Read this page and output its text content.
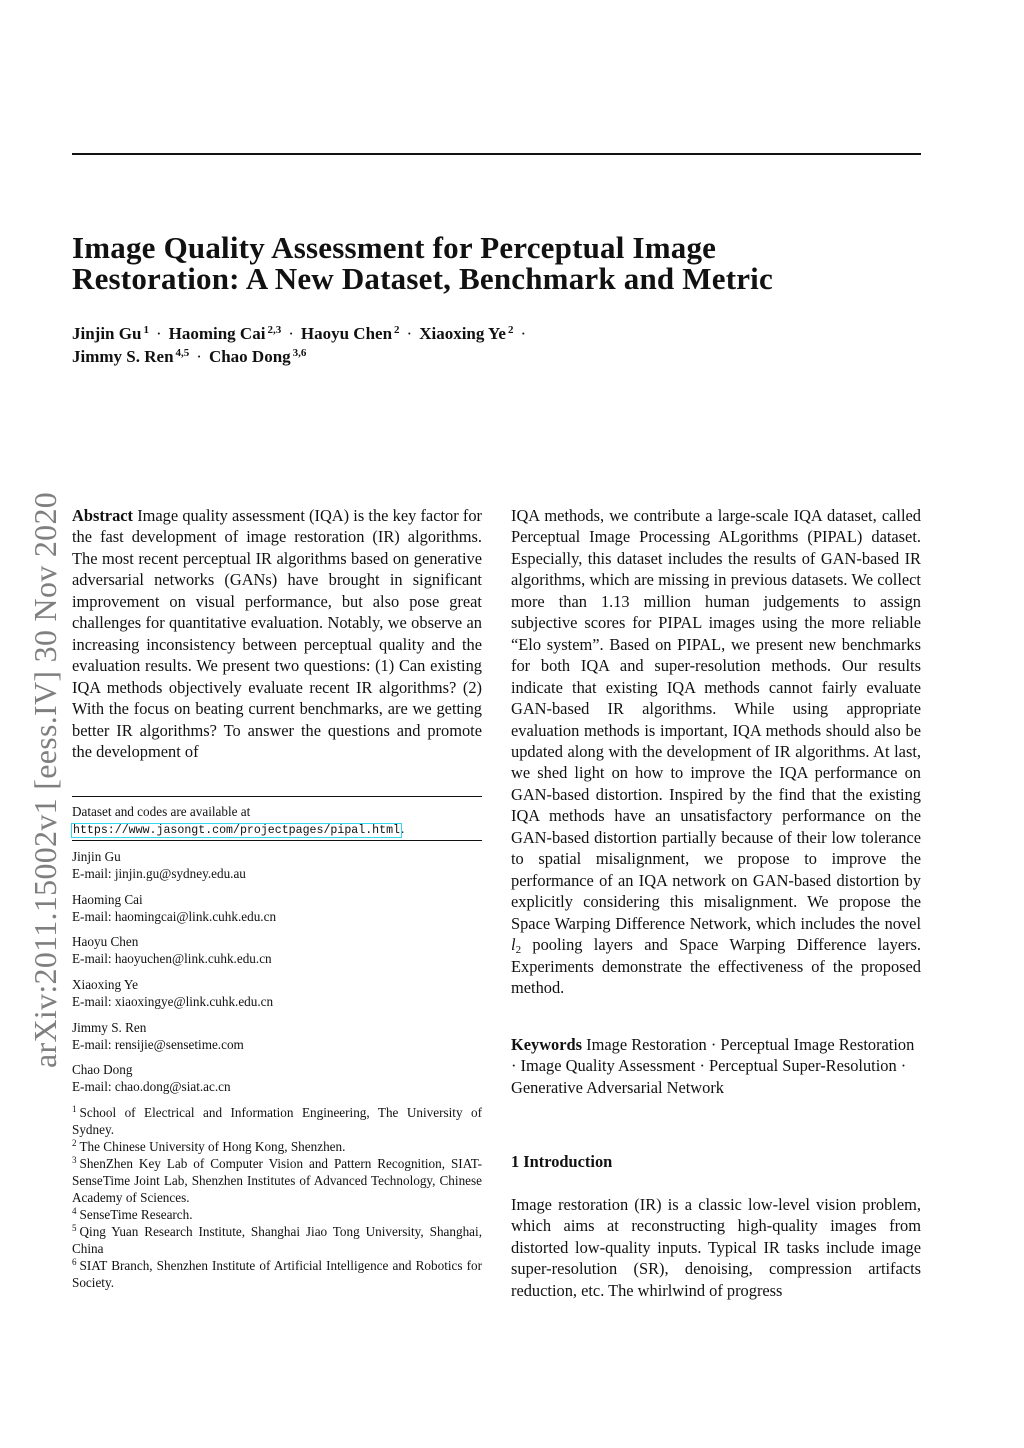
arXiv:2011.15002v1 [eess.IV] 30 Nov 2020
Image Quality Assessment for Perceptual Image
Restoration: A New Dataset, Benchmark and Metric
Jinjin Gu $^1$ · Haoming Cai $^{2,3}$ · Haoyu Chen $^2$ · Xiaoxing Ye $^2$ ·
Jimmy S. Ren $^{4,5}$ · Chao Dong $^{3,6}$
Abstract Image quality assessment (IQA) is the key factor for the fast development of image restoration (IR) algorithms. The most recent perceptual IR algorithms based on generative adversarial networks (GANs) have brought in significant improvement on visual performance, but also pose great challenges for quantitative evaluation. Notably, we observe an increasing inconsistency between perceptual quality and the evaluation results. We present two questions: (1) Can existing IQA methods objectively evaluate recent IR algorithms? (2) With the focus on beating current benchmarks, are we getting better IR algorithms? To answer the questions and promote the development of
Dataset and codes are available at https://www.jasongt.com/projectpages/pipal.html.
Jinjin Gu
E-mail: jinjin.gu@sydney.edu.au
Haoming Cai
E-mail: haomingcai@link.cuhk.edu.cn
Haoyu Chen
E-mail: haoyuchen@link.cuhk.edu.cn
Xiaoxing Ye
E-mail: xiaoxingye@link.cuhk.edu.cn
Jimmy S. Ren
E-mail: rensijie@sensetime.com
Chao Dong
E-mail: chao.dong@siat.ac.cn
$^1$ School of Electrical and Information Engineering, The University of Sydney.
$^2$ The Chinese University of Hong Kong, Shenzhen.
$^3$ ShenZhen Key Lab of Computer Vision and Pattern Recognition, SIAT-SenseTime Joint Lab, Shenzhen Institutes of Advanced Technology, Chinese Academy of Sciences.
$^4$ SenseTime Research.
$^5$ Qing Yuan Research Institute, Shanghai Jiao Tong University, Shanghai, China
$^6$ SIAT Branch, Shenzhen Institute of Artificial Intelligence and Robotics for Society.
IQA methods, we contribute a large-scale IQA dataset, called Perceptual Image Processing ALgorithms (PIPAL) dataset. Especially, this dataset includes the results of GAN-based IR algorithms, which are missing in previous datasets. We collect more than 1.13 million human judgements to assign subjective scores for PIPAL images using the more reliable “Elo system”. Based on PIPAL, we present new benchmarks for both IQA and super-resolution methods. Our results indicate that existing IQA methods cannot fairly evaluate GAN-based IR algorithms. While using appropriate evaluation methods is important, IQA methods should also be updated along with the development of IR algorithms. At last, we shed light on how to improve the IQA performance on GAN-based distortion. Inspired by the find that the existing IQA methods have an unsatisfactory performance on the GAN-based distortion partially because of their low tolerance to spatial misalignment, we propose to improve the performance of an IQA network on GAN-based distortion by explicitly considering this misalignment. We propose the Space Warping Difference Network, which includes the novel $l_2$ pooling layers and Space Warping Difference layers. Experiments demonstrate the effectiveness of the proposed method.
Keywords Image Restoration · Perceptual Image Restoration · Image Quality Assessment · Perceptual Super-Resolution · Generative Adversarial Network
1 Introduction
Image restoration (IR) is a classic low-level vision problem, which aims at reconstructing high-quality images from distorted low-quality inputs. Typical IR tasks include image super-resolution (SR), denoising, compression artifacts reduction, etc. The whirlwind of progress
